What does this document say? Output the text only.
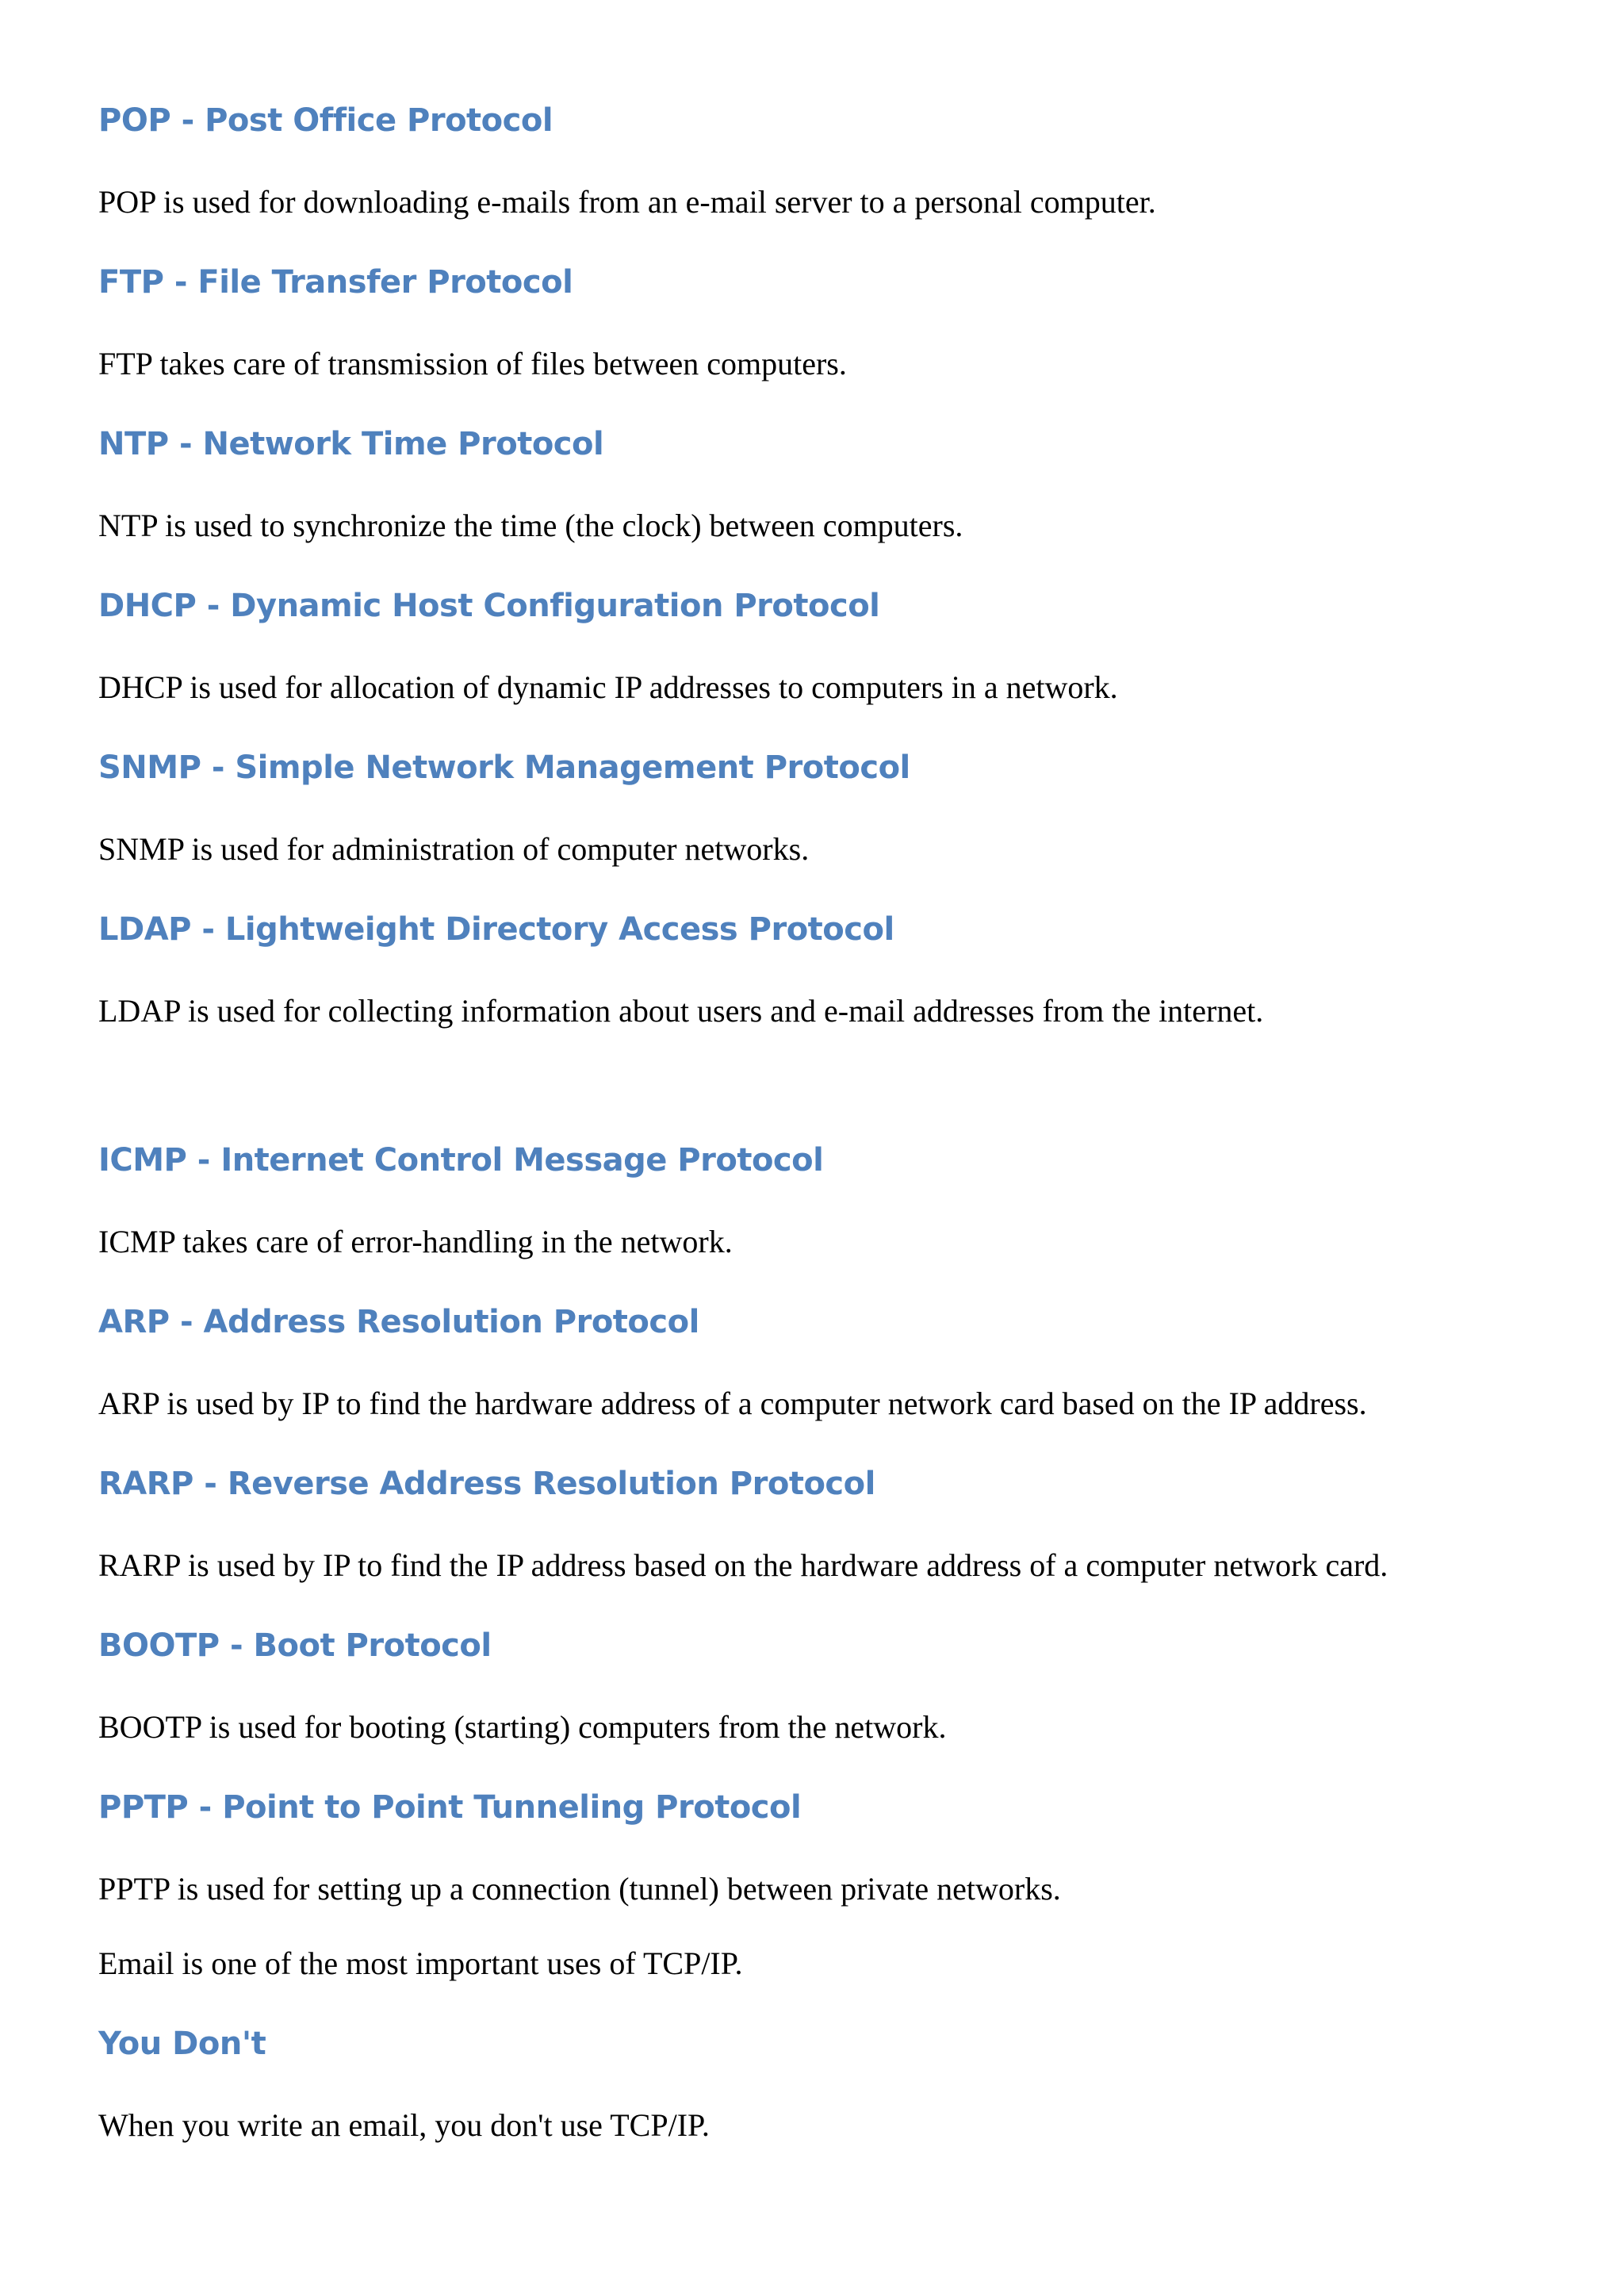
POP - Post Office Protocol

POP is used for downloading e-mails from an e-mail server to a personal computer.

FTP - File Transfer Protocol

FTP takes care of transmission of files between computers.

NTP - Network Time Protocol

NTP is used to synchronize the time (the clock) between computers.

DHCP - Dynamic Host Configuration Protocol

DHCP is used for allocation of dynamic IP addresses to computers in a network.

SNMP - Simple Network Management Protocol

SNMP is used for administration of computer networks.

LDAP - Lightweight Directory Access Protocol

LDAP is used for collecting information about users and e-mail addresses from the internet.

ICMP - Internet Control Message Protocol

ICMP takes care of error-handling in the network.

ARP - Address Resolution Protocol

ARP is used by IP to find the hardware address of a computer network card based on the IP address.

RARP - Reverse Address Resolution Protocol

RARP is used by IP to find the IP address based on the hardware address of a computer network card.

BOOTP - Boot Protocol

BOOTP is used for booting (starting) computers from the network.

PPTP - Point to Point Tunneling Protocol

PPTP is used for setting up a connection (tunnel) between private networks.

Email is one of the most important uses of TCP/IP.

You Don't

When you write an email, you don't use TCP/IP.
